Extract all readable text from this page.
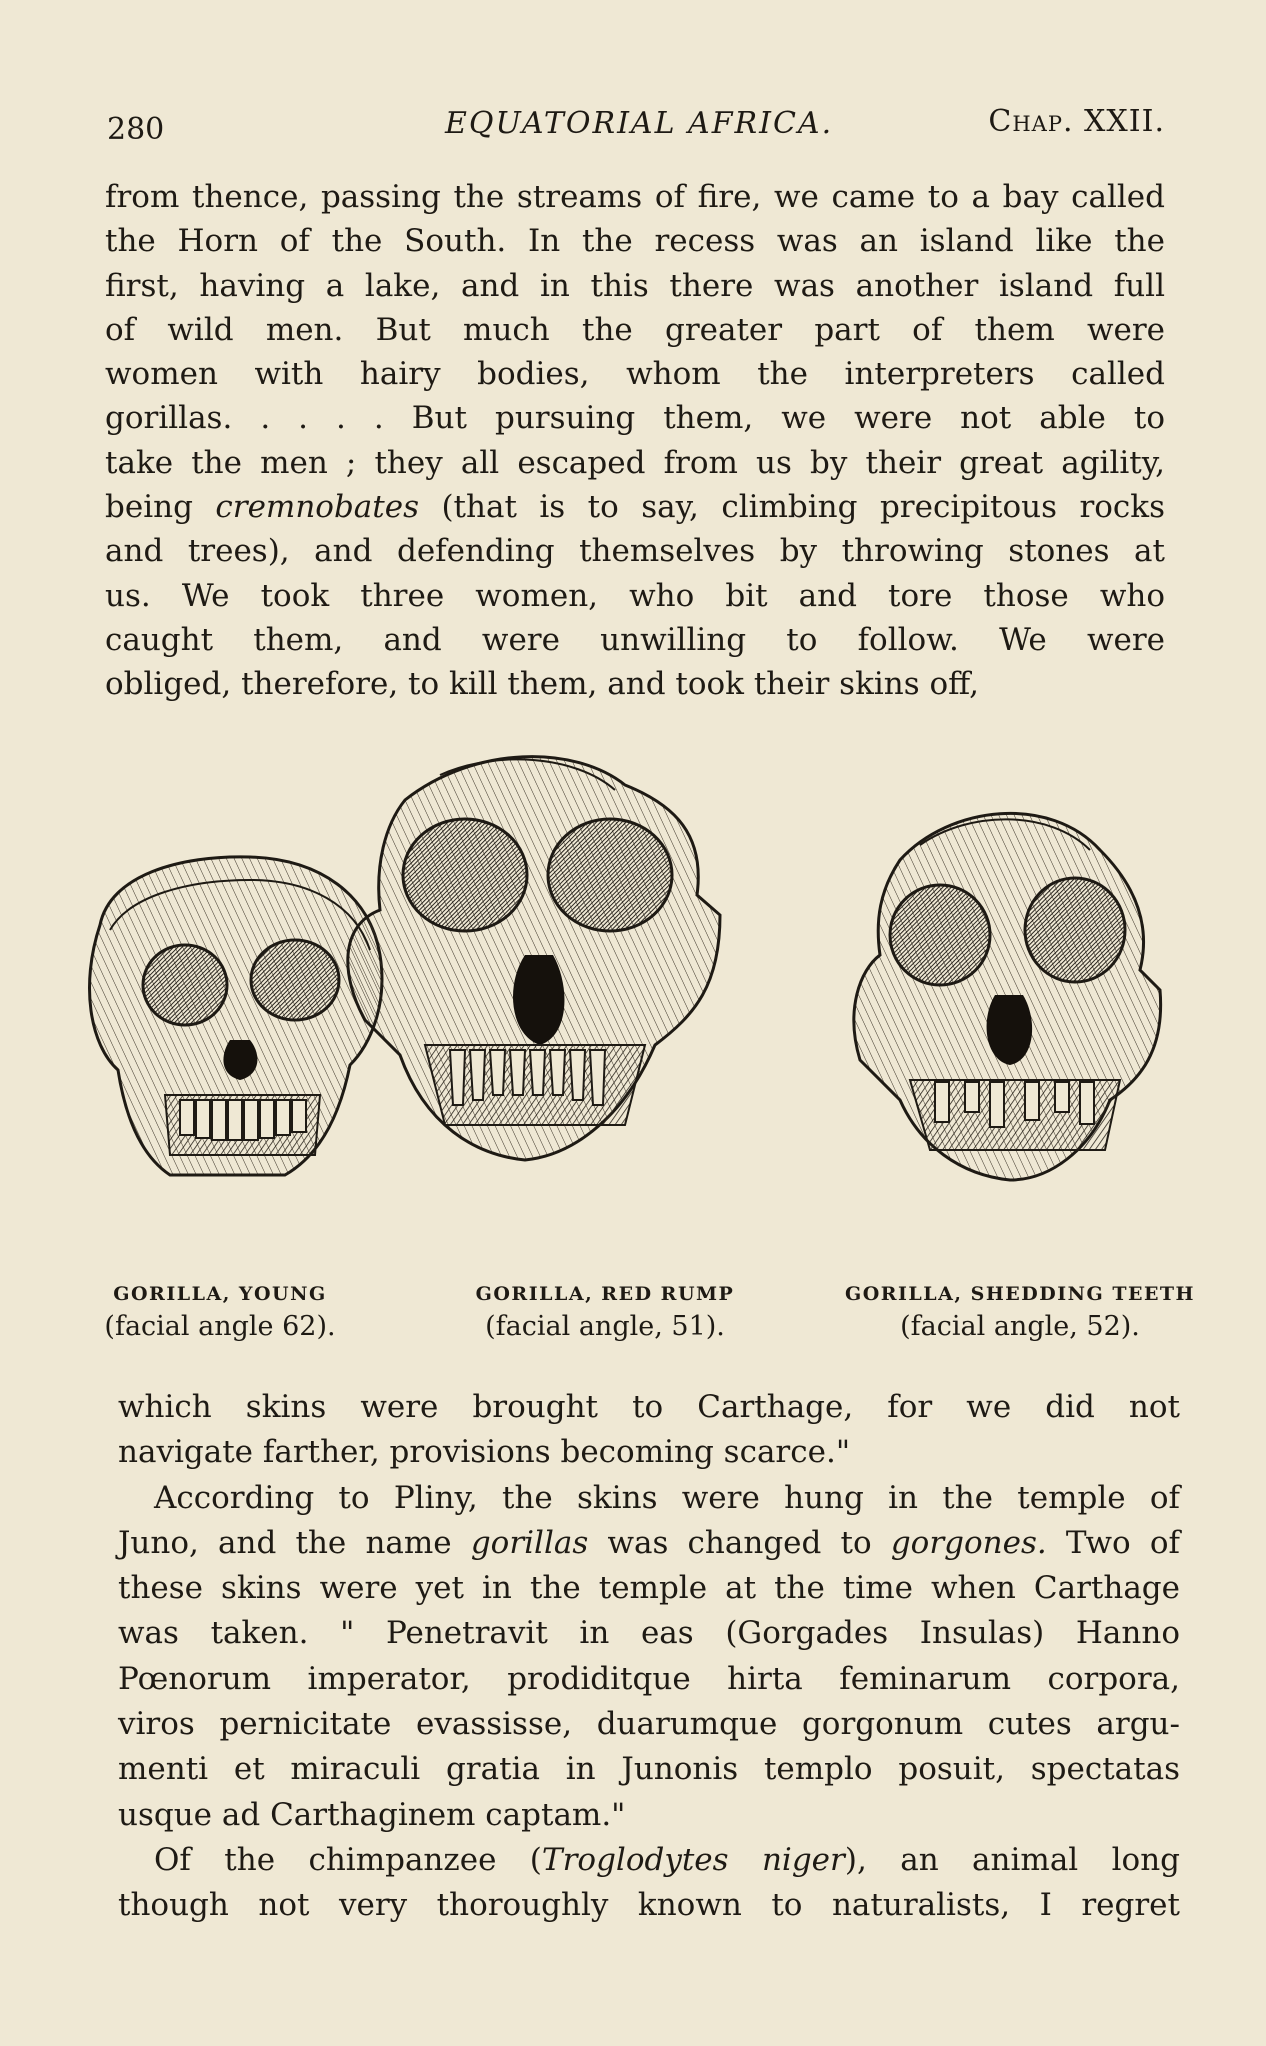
280	EQUATORIAL AFRICA.	Chap. XXII.
from thence, passing the streams of fire, we came to a bay called
the Horn of the South. In the recess was an island like the
first, having a lake, and in this there was another island full
of wild men. But much the greater part of them were
women with hairy bodies, whom the interpreters called
gorillas. . . . . But pursuing them, we were not able to
take the men ; they all escaped from us by their great agility,
being cremnobates (that is to say, climbing precipitous rocks
and trees), and defending themselves by throwing stones at
us. We took three women, who bit and tore those who
caught them, and were unwilling to follow. We were
obliged, therefore, to kill them, and took their skins off,
GORILLA, YOUNG
(facial angle 62).
GORILLA, RED RUMP
(facial angle, 51).
GORILLA, SHEDDING TEETH
(facial angle, 52).
which skins were brought to Carthage, for we did not
navigate farther, provisions becoming scarce."
According to Pliny, the skins were hung in the temple of
Juno, and the name gorillas was changed to gorgones. Two of
these skins were yet in the temple at the time when Carthage
was taken. " Penetravit in eas (Gorgades Insulas) Hanno
Pœnorum imperator, prodiditque hirta feminarum corpora,
viros pernicitate evassisse, duarumque gorgonum cutes argu-
menti et miraculi gratia in Junonis templo posuit, spectatas
usque ad Carthaginem captam."
Of the chimpanzee (Troglodytes niger), an animal long
though not very thoroughly known to naturalists, I regret
